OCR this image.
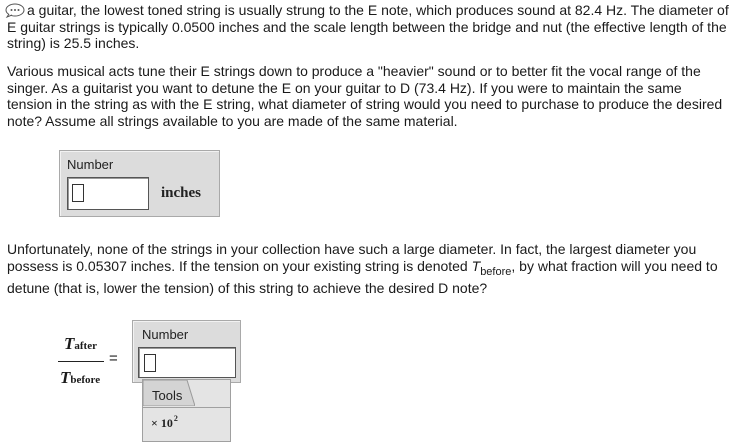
a guitar, the lowest toned string is usually strung to the E note, which produces sound at 82.4 Hz. The diameter of E guitar strings is typically 0.0500 inches and the scale length between the bridge and nut (the effective length of the string) is 25.5 inches.

Various musical acts tune their E strings down to produce a "heavier" sound or to better fit the vocal range of the singer. As a guitarist you want to detune the E on your guitar to D (73.4 Hz). If you were to maintain the same tension in the string as with the E string, what diameter of string would you need to purchase to produce the desired note? Assume all strings available to you are made of the same material.

Number
inches

Unfortunately, none of the strings in your collection have such a large diameter. In fact, the largest diameter you possess is 0.05307 inches. If the tension on your existing string is denoted $T_{before}$, by what fraction will you need to detune (that is, lower the tension) of this string to achieve the desired D note?

Tafter
Tbefore
=
Number
Tools
× $10^2$
